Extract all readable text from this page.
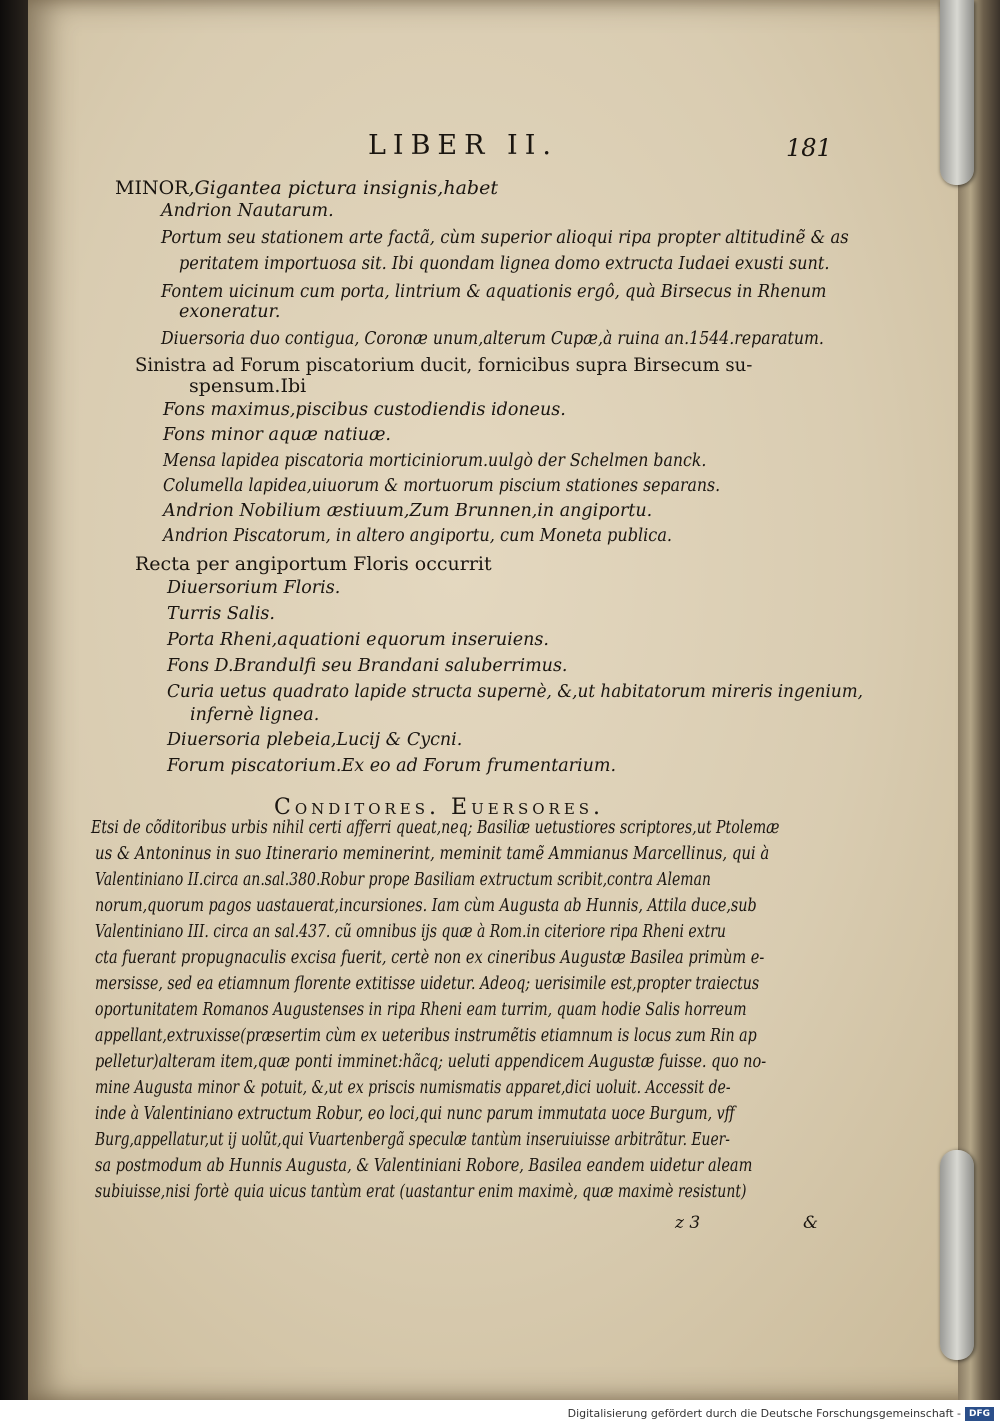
LIBER II.	181
MINOR,Gigantea pictura insignis,habet
Andrion Nautarum.
Portum seu stationem arte factã, cùm superior alioqui ripa propter altitudinẽ & as
peritatem importuosa sit. Ibi quondam lignea domo extructa Iudaei exusti sunt.
Fontem uicinum cum porta, lintrium & aquationis ergô, quà Birsecus in Rhenum
exoneratur.
Diuersoria duo contigua, Coronæ unum,alterum Cupæ,à ruina an.1544.reparatum.
Sinistra ad Forum piscatorium ducit, fornicibus supra Birsecum su-
spensum.Ibi
Fons maximus,piscibus custodiendis idoneus.
Fons minor aquæ natiuæ.
Mensa lapidea piscatoria morticiniorum.uulgò der Schelmen banck.
Columella lapidea,uiuorum & mortuorum piscium stationes separans.
Andrion Nobilium æstiuum,Zum Brunnen,in angiportu.
Andrion Piscatorum, in altero angiportu, cum Moneta publica.
Recta per angiportum Floris occurrit
Diuersorium Floris.
Turris Salis.
Porta Rheni,aquationi equorum inseruiens.
Fons D.Brandulfi seu Brandani saluberrimus.
Curia uetus quadrato lapide structa supernè, &,ut habitatorum mireris ingenium,
infernè lignea.
Diuersoria plebeia,Lucij & Cycni.
Forum piscatorium.Ex eo ad Forum frumentarium.
Conditores. Euersores.
Etsi de cõditoribus urbis nihil certi afferri queat,neq; Basiliæ uetustiores scriptores,ut Ptolemæ
us & Antoninus in suo Itinerario meminerint, meminit tamẽ Ammianus Marcellinus, qui à
Valentiniano II.circa an.sal.380.Robur prope Basiliam extructum scribit,contra Aleman
norum,quorum pagos uastauerat,incursiones. Iam cùm Augusta ab Hunnis, Attila duce,sub
Valentiniano III. circa an sal.437. cũ omnibus ijs quæ à Rom.in citeriore ripa Rheni extru
cta fuerant propugnaculis excisa fuerit, certè non ex cineribus Augustæ Basilea primùm e-
mersisse, sed ea etiamnum florente extitisse uidetur. Adeoq; uerisimile est,propter traiectus
oportunitatem Romanos Augustenses in ripa Rheni eam turrim, quam hodie Salis horreum
appellant,extruxisse(præsertim cùm ex ueteribus instrumẽtis etiamnum is locus zum Rin ap
pelletur)alteram item,quæ ponti imminet:hãcq; ueluti appendicem Augustæ fuisse. quo no-
mine Augusta minor & potuit, &,ut ex priscis numismatis apparet,dici uoluit. Accessit de-
inde à Valentiniano extructum Robur, eo loci,qui nunc parum immutata uoce Burgum, vff
Burg,appellatur,ut ij uolũt,qui Vuartenbergã speculæ tantùm inseruiuisse arbitrãtur. Euer-
sa postmodum ab Hunnis Augusta, & Valentiniani Robore, Basilea eandem uidetur aleam
subiuisse,nisi fortè quia uicus tantùm erat (uastantur enim maximè, quæ maximè resistunt)
z 3	&
Digitalisierung gefördert durch die Deutsche Forschungsgemeinschaft - DFG
